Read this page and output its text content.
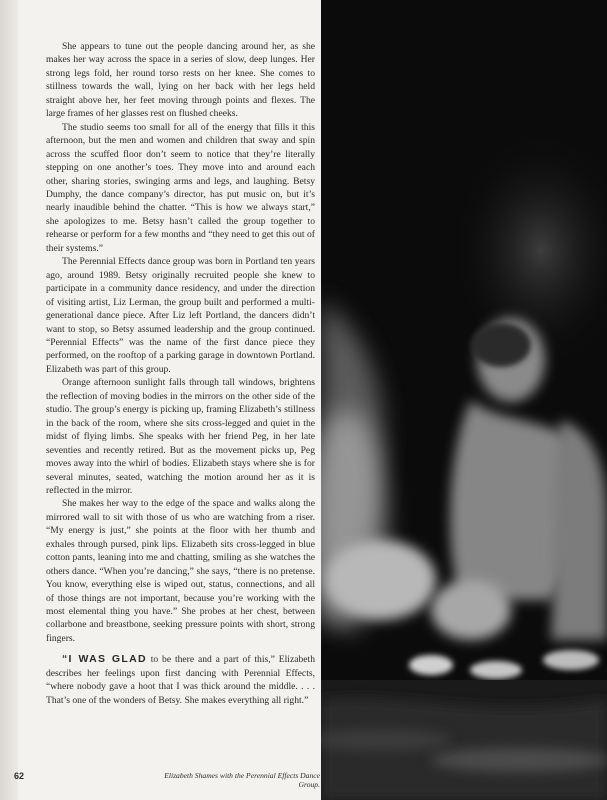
She appears to tune out the people dancing around her, as she makes her way across the space in a series of slow, deep lunges. Her strong legs fold, her round torso rests on her knee. She comes to stillness towards the wall, lying on her back with her legs held straight above her, her feet moving through points and flexes. The large frames of her glasses rest on flushed cheeks.

The studio seems too small for all of the energy that fills it this afternoon, but the men and women and children that sway and spin across the scuffed floor don’t seem to notice that they’re literally stepping on one another’s toes. They move into and around each other, sharing stories, swinging arms and legs, and laughing. Betsy Dumphy, the dance company’s director, has put music on, but it’s nearly inaudible behind the chatter. “This is how we always start,” she apologizes to me. Betsy hasn’t called the group together to rehearse or perform for a few months and “they need to get this out of their systems.”

The Perennial Effects dance group was born in Portland ten years ago, around 1989. Betsy originally recruited people she knew to participate in a community dance residency, and under the direction of visiting artist, Liz Lerman, the group built and performed a multi-generational dance piece. After Liz left Portland, the dancers didn’t want to stop, so Betsy assumed leadership and the group continued. “Perennial Effects” was the name of the first dance piece they performed, on the rooftop of a parking garage in downtown Portland. Elizabeth was part of this group.

Orange afternoon sunlight falls through tall windows, brightens the reflection of moving bodies in the mirrors on the other side of the studio. The group’s energy is picking up, framing Elizabeth’s stillness in the back of the room, where she sits cross-legged and quiet in the midst of flying limbs. She speaks with her friend Peg, in her late seventies and recently retired. But as the movement picks up, Peg moves away into the whirl of bodies. Elizabeth stays where she is for several minutes, seated, watching the motion around her as it is reflected in the mirror.

She makes her way to the edge of the space and walks along the mirrored wall to sit with those of us who are watching from a riser. “My energy is just,” she points at the floor with her thumb and exhales through pursed, pink lips. Elizabeth sits cross-legged in blue cotton pants, leaning into me and chatting, smiling as she watches the others dance. “When you’re dancing,” she says, “there is no pretense. You know, everything else is wiped out, status, connections, and all of those things are not important, because you’re working with the most elemental thing you have.” She probes at her chest, between collarbone and breastbone, seeking pressure points with short, strong fingers.

“I WAS GLAD to be there and a part of this,” Elizabeth describes her feelings upon first dancing with Perennial Effects, “where nobody gave a hoot that I was thick around the middle. . . . That’s one of the wonders of Betsy. She makes everything all right.”

62	Elizabeth Shames with the Perennial Effects Dance Group.
